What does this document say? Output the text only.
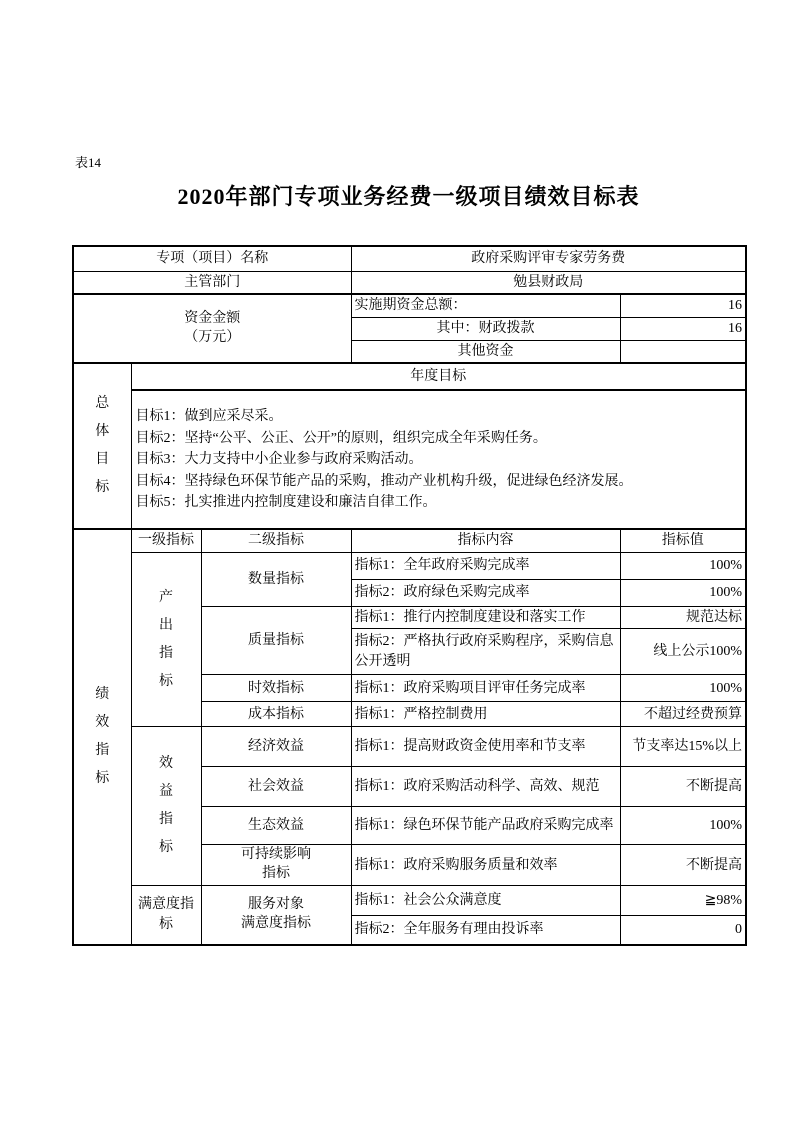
表14
2020年部门专项业务经费一级项目绩效目标表
专项（项目）名称			政府采购评审专家劳务费	
主管部门			勉县财政局	

资金金额
（万元）			实施期资金总额：	16
			其中：财政拨款	16
			其他资金	

总体目标	年度目标			

	目标1：做到应采尽采。
目标2：坚持“公平、公正、公开”的原则，组织完成全年采购任务。
目标3：大力支持中小企业参与政府采购活动。
目标4：坚持绿色环保节能产品的采购，推动产业机构升级，促进绿色经济发展。
目标5：扎实推进内控制度建设和廉洁自律工作。			

绩效指标	一级指标	二级指标	指标内容	指标值

	产出指标	数量指标	指标1：全年政府采购完成率	100%
			指标2：政府绿色采购完成率	100%
		质量指标	指标1：推行内控制度建设和落实工作	规范达标
			指标2：严格执行政府采购程序，采购信息公开透明	线上公示100%
		时效指标	指标1：政府采购项目评审任务完成率	100%
		成本指标	指标1：严格控制费用	不超过经费预算

	效益指标	经济效益	指标1：提高财政资金使用率和节支率	节支率达15%以上
		社会效益	指标1：政府采购活动科学、高效、规范	不断提高
		生态效益	指标1：绿色环保节能产品政府采购完成率	100%

		可持续影响
指标	指标1：政府采购服务质量和效率	不断提高
	满意度指标	服务对象
满意度指标	指标1：社会公众满意度	≧98%
			指标2：全年服务有理由投诉率	0
